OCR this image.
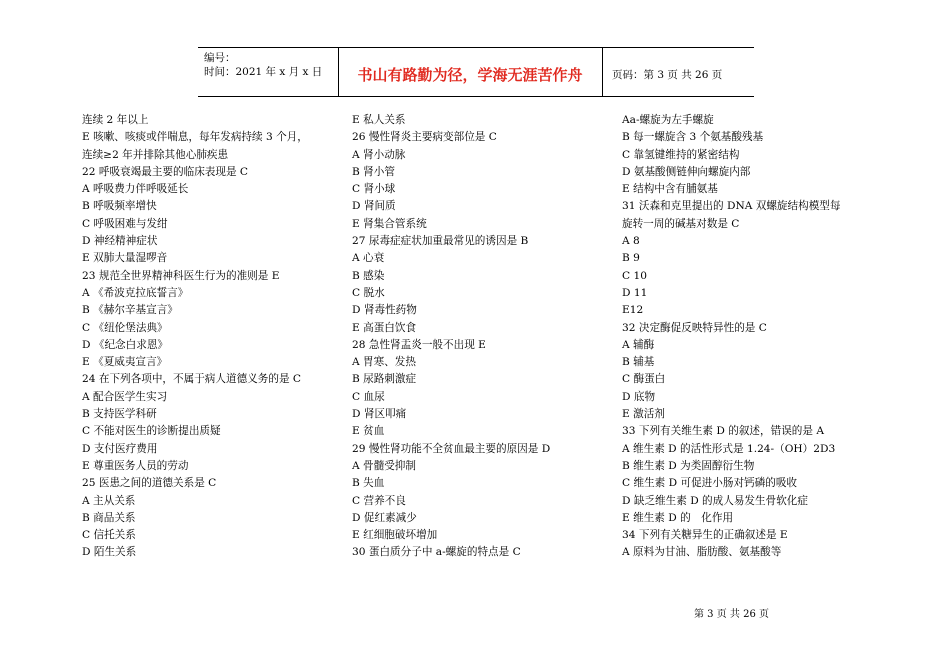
编号：
时间：2021 年 x 月 x 日	书山有路勤为径，学海无涯苦作舟	页码：第 3 页 共 26 页
连续 2 年以上
E 咳嗽、咳痰或伴喘息，每年发病持续 3 个月，
连续≥2 年并排除其他心肺疾患
22 呼吸衰竭最主要的临床表现是 C
A 呼吸费力伴呼吸延长
B 呼吸频率增快
C 呼吸困难与发绀
D 神经精神症状
E 双肺大量湿啰音
23 规范全世界精神科医生行为的准则是 E
A 《希波克拉底誓言》
B 《赫尔辛基宣言》
C 《纽伦堡法典》
D 《纪念白求恩》
E 《夏威夷宣言》
24 在下列各项中，不属于病人道德义务的是 C
A 配合医学生实习
B 支持医学科研
C 不能对医生的诊断提出质疑
D 支付医疗费用
E 尊重医务人员的劳动
25 医患之间的道德关系是 C
A 主从关系
B 商品关系
C 信托关系
D 陌生关系
E 私人关系
26 慢性肾炎主要病变部位是 C
A 肾小动脉
B 肾小管
C 肾小球
D 肾间质
E 肾集合管系统
27 尿毒症症状加重最常见的诱因是 B
A 心衰
B 感染
C 脱水
D 肾毒性药物
E 高蛋白饮食
28 急性肾盂炎一般不出现 E
A 胃寒、发热
B 尿路刺激症
C 血尿
D 肾区叩痛
E 贫血
29 慢性肾功能不全贫血最主要的原因是 D
A 骨髓受抑制
B 失血
C 营养不良
D 促红素减少
E 红细胞破坏增加
30 蛋白质分子中 a-螺旋的特点是 C
Aa-螺旋为左手螺旋
B 每一螺旋含 3 个氨基酸残基
C 靠氢键维持的紧密结构
D 氨基酸侧链伸向螺旋内部
E 结构中含有脯氨基
31 沃森和克里提出的 DNA 双螺旋结构模型每
旋转一周的碱基对数是 C
A 8
B 9
C 10
D 11
E12
32 决定酶促反映特异性的是 C
A 辅酶
B 辅基
C 酶蛋白
D 底物
E 激活剂
33 下列有关维生素 D 的叙述，错误的是 A
A 维生素 D 的活性形式是 1.24-（OH）2D3
B 维生素 D 为类固醇衍生物
C 维生素 D 可促进小肠对钙磷的吸收
D 缺乏维生素 D 的成人易发生骨软化症
E 维生素 D 的　化作用
34 下列有关糖异生的正确叙述是 E
A 原料为甘油、脂肪酸、氨基酸等
第 3 页 共 26 页
